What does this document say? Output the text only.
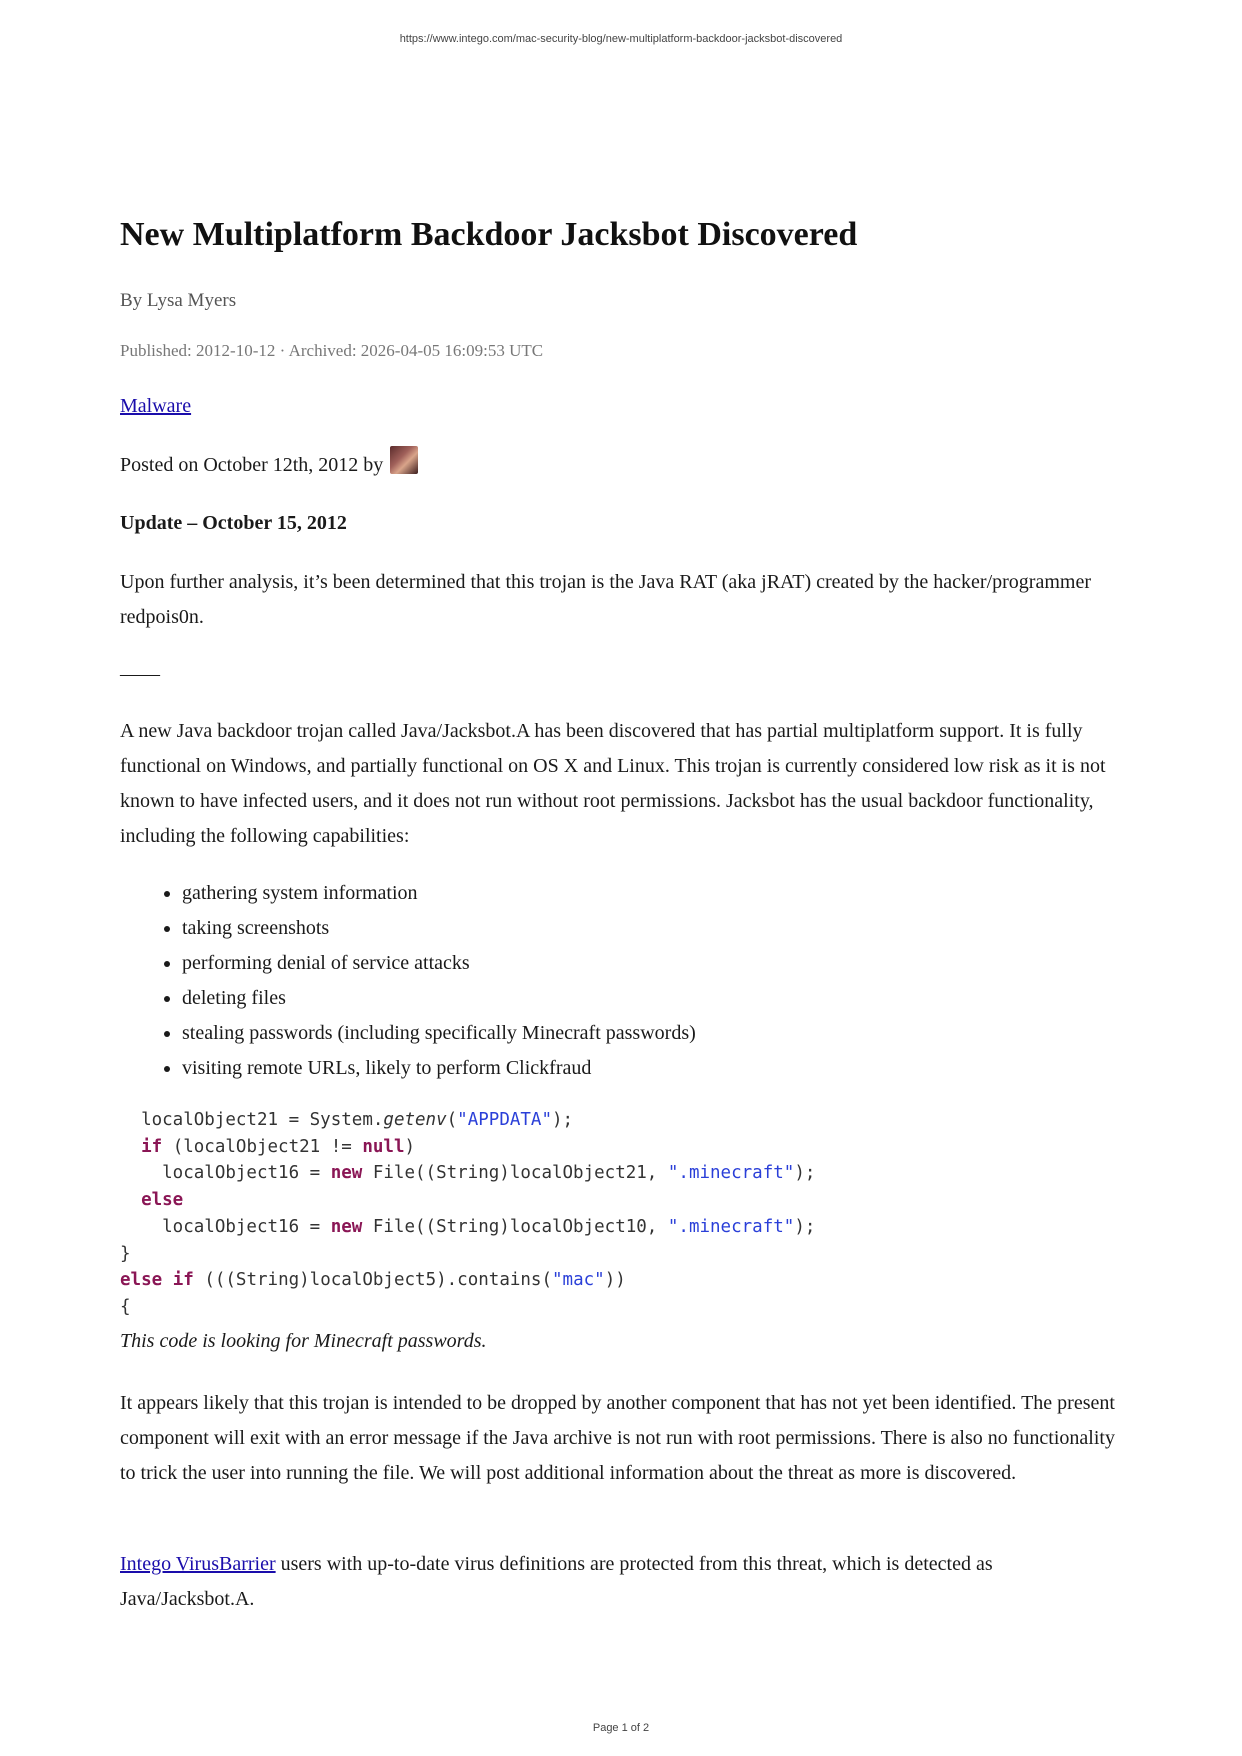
https://www.intego.com/mac-security-blog/new-multiplatform-backdoor-jacksbot-discovered
New Multiplatform Backdoor Jacksbot Discovered
By Lysa Myers
Published: 2012-10-12 · Archived: 2026-04-05 16:09:53 UTC
Malware
Posted on October 12th, 2012 by
Update – October 15, 2012

Upon further analysis, it’s been determined that this trojan is the Java RAT (aka jRAT) created by the hacker/programmer redpois0n.

——

A new Java backdoor trojan called Java/Jacksbot.A has been discovered that has partial multiplatform support. It is fully functional on Windows, and partially functional on OS X and Linux. This trojan is currently considered low risk as it is not known to have infected users, and it does not run without root permissions. Jacksbot has the usual backdoor functionality, including the following capabilities:

• gathering system information
• taking screenshots
• performing denial of service attacks
• deleting files
• stealing passwords (including specifically Minecraft passwords)
• visiting remote URLs, likely to perform Clickfraud
localObject21 = System.getenv("APPDATA");
if (localObject21 != null)
localObject16 = new File((String)localObject21, ".minecraft");
else
localObject16 = new File((String)localObject10, ".minecraft");
}
else if (((String)localObject5).contains("mac"))
{
This code is looking for Minecraft passwords.

It appears likely that this trojan is intended to be dropped by another component that has not yet been identified. The present component will exit with an error message if the Java archive is not run with root permissions. There is also no functionality to trick the user into running the file. We will post additional information about the threat as more is discovered.

Intego VirusBarrier users with up-to-date virus definitions are protected from this threat, which is detected as Java/Jacksbot.A.

Page 1 of 2
